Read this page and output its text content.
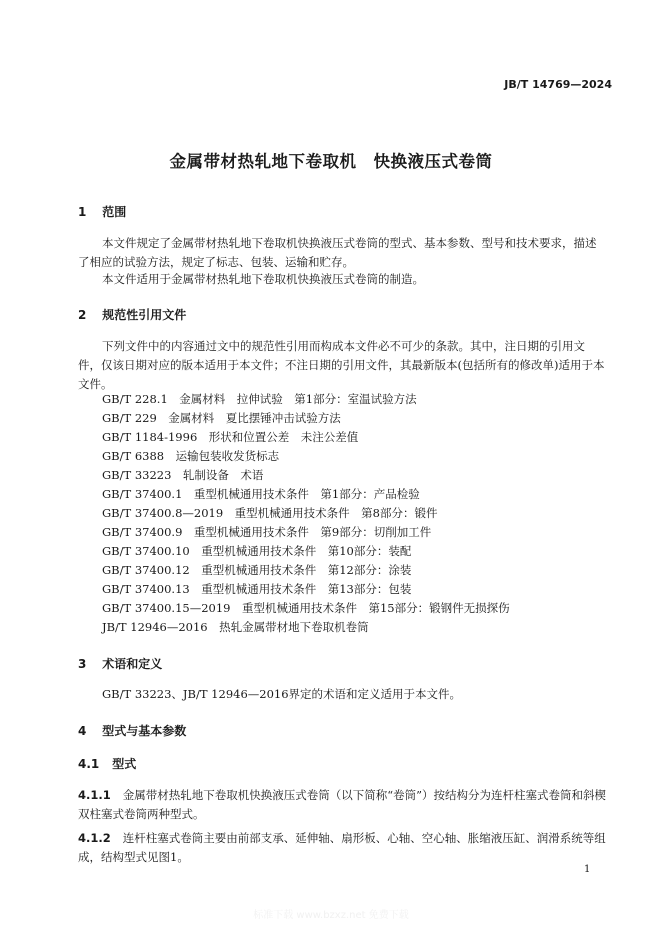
JB/T 14769—2024
金属带材热轧地下卷取机　快换液压式卷筒
1 范围

本文件规定了金属带材热轧地下卷取机快换液压式卷筒的型式、基本参数、型号和技术要求，描述了相应的试验方法，规定了标志、包装、运输和贮存。

本文件适用于金属带材热轧地下卷取机快换液压式卷筒的制造。

2 规范性引用文件

下列文件中的内容通过文中的规范性引用而构成本文件必不可少的条款。其中，注日期的引用文件，仅该日期对应的版本适用于本文件；不注日期的引用文件，其最新版本(包括所有的修改单)适用于本文件。

GB/T 228.1　金属材料　拉伸试验　第1部分：室温试验方法
GB/T 229　金属材料　夏比摆锤冲击试验方法
GB/T 1184-1996　形状和位置公差　未注公差值
GB/T 6388　运输包装收发货标志
GB/T 33223　轧制设备　术语
GB/T 37400.1　重型机械通用技术条件　第1部分：产品检验
GB/T 37400.8—2019　重型机械通用技术条件　第8部分：锻件
GB/T 37400.9　重型机械通用技术条件　第9部分：切削加工件
GB/T 37400.10　重型机械通用技术条件　第10部分：装配
GB/T 37400.12　重型机械通用技术条件　第12部分：涂装
GB/T 37400.13　重型机械通用技术条件　第13部分：包装
GB/T 37400.15—2019　重型机械通用技术条件　第15部分：锻钢件无损探伤
JB/T 12946—2016　热轧金属带材地下卷取机卷筒
3 术语和定义
GB/T 33223、JB/T 12946—2016界定的术语和定义适用于本文件。
4 型式与基本参数
4.1 型式

4.1.1 金属带材热轧地下卷取机快换液压式卷筒（以下简称“卷筒”）按结构分为连杆柱塞式卷筒和斜楔双柱塞式卷筒两种型式。

4.1.2 连杆柱塞式卷筒主要由前部支承、延伸轴、扇形板、心轴、空心轴、胀缩液压缸、润滑系统等组成，结构型式见图1。

1
标准下载 www.bzxz.net 免费下载
